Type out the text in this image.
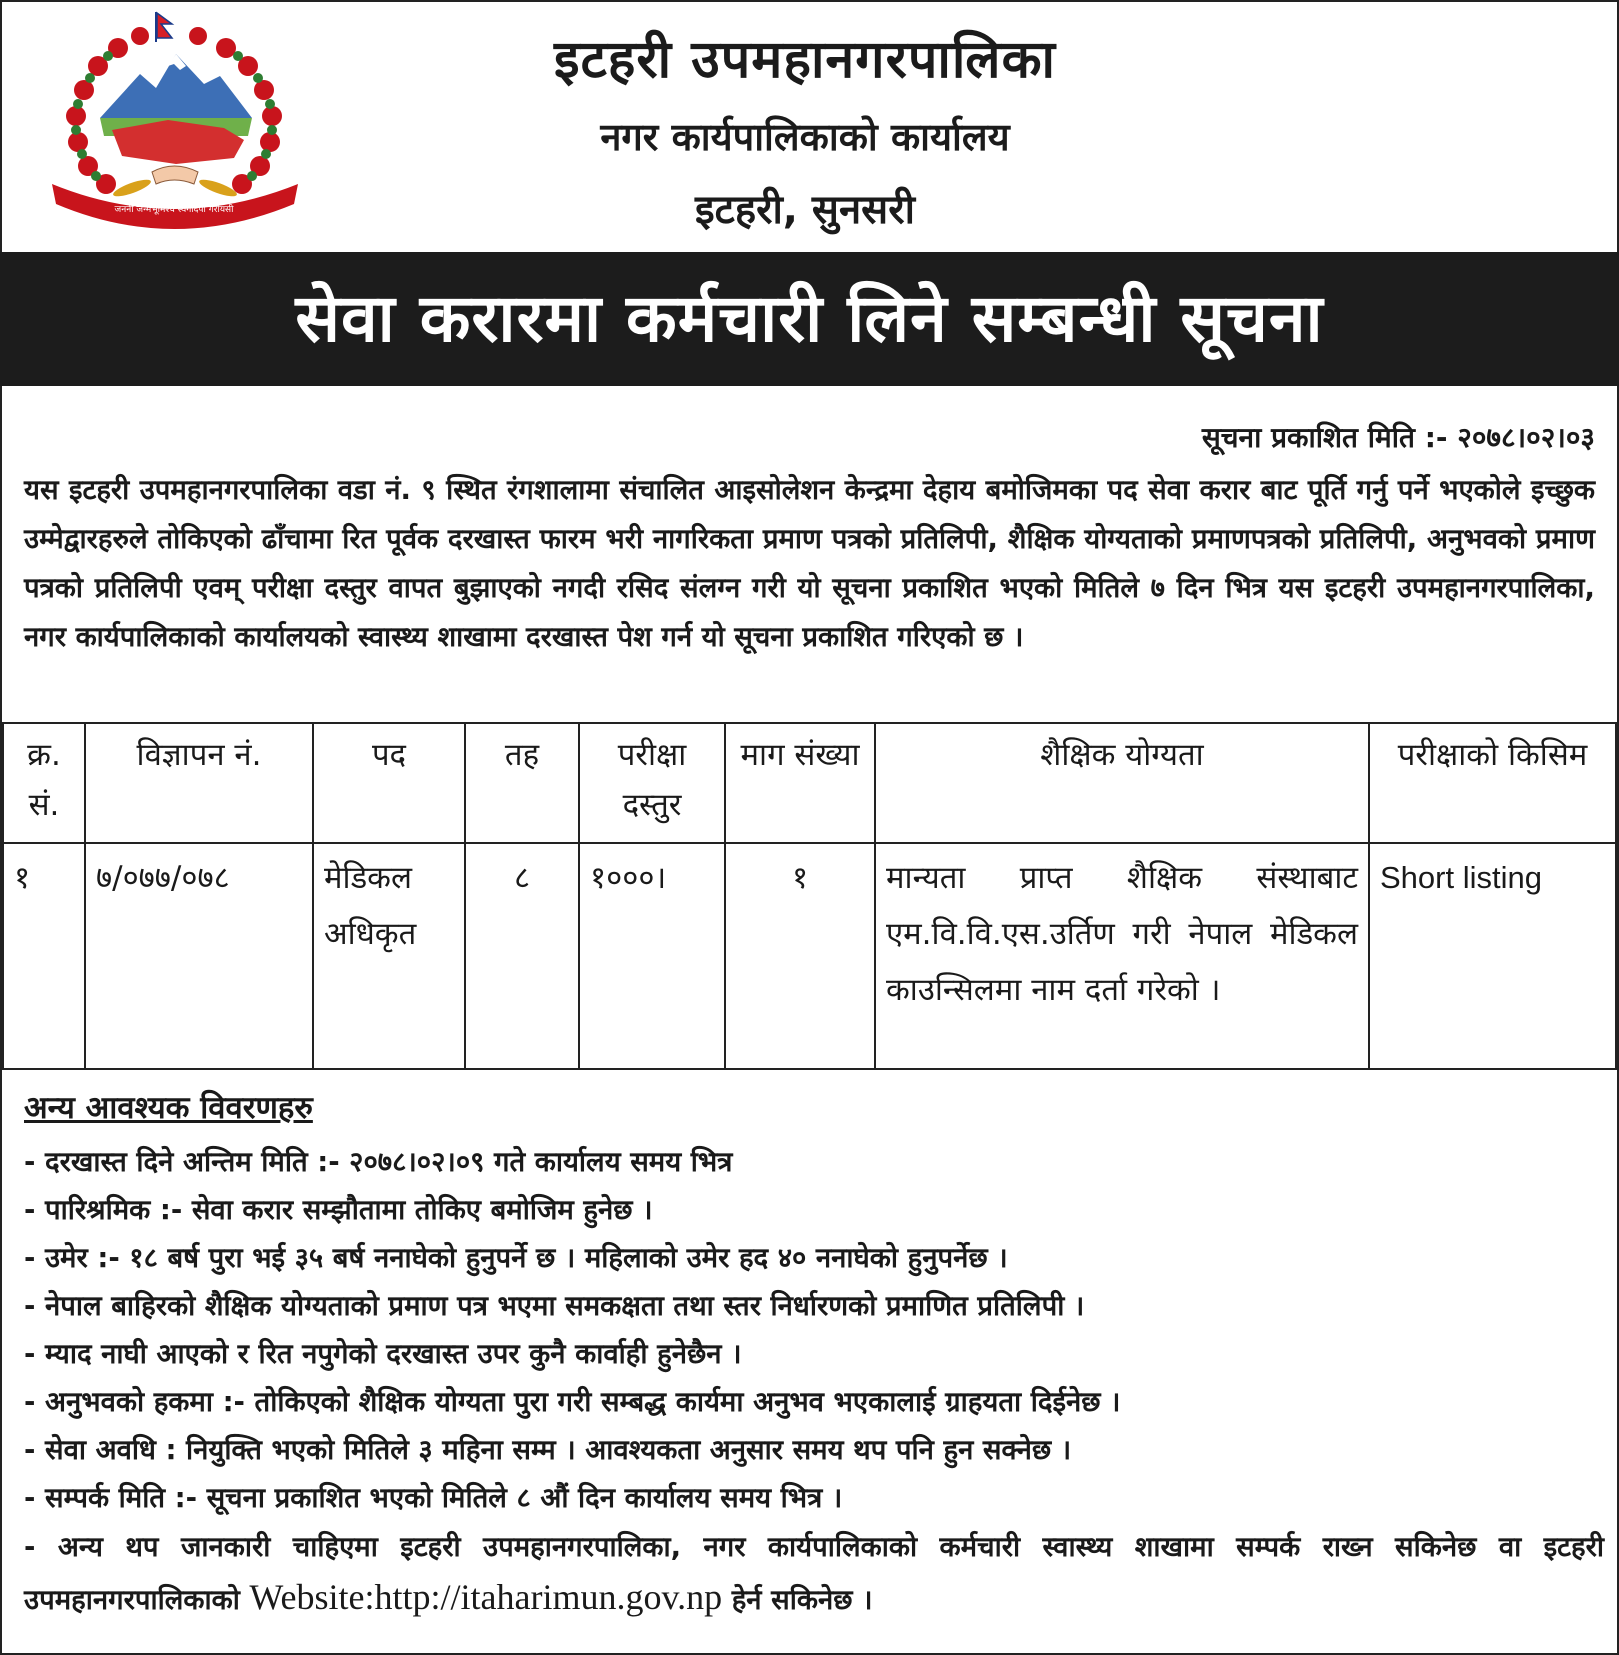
जननी जन्मभूमिश्च स्वर्गादपी गरीयसी
इटहरी उपमहानगरपालिका
नगर कार्यपालिकाको कार्यालय
इटहरी, सुनसरी
सेवा करारमा कर्मचारी लिने सम्बन्धी सूचना
सूचना प्रकाशित मिति :- २०७८।०२।०३
यस इटहरी उपमहानगरपालिका वडा नं. ९ स्थित रंगशालामा संचालित आइसोलेशन केन्द्रमा देहाय बमोजिमका पद सेवा करार बाट पूर्ति गर्नु पर्ने भएकोले इच्छुक उम्मेद्वारहरुले तोकिएको ढाँचामा रित पूर्वक दरखास्त फारम भरी नागरिकता प्रमाण पत्रको प्रतिलिपी, शैक्षिक योग्यताको प्रमाणपत्रको प्रतिलिपी, अनुभवको प्रमाण पत्रको प्रतिलिपी एवम् परीक्षा दस्तुर वापत बुझाएको नगदी रसिद संलग्न गरी यो सूचना प्रकाशित भएको मितिले ७ दिन भित्र यस इटहरी उपमहानगरपालिका, नगर कार्यपालिकाको कार्यालयको स्वास्थ्य शाखामा दरखास्त पेश गर्न यो सूचना प्रकाशित गरिएको छ ।
क्र. सं.	विज्ञापन नं.	पद	तह	परीक्षा दस्तुर	माग संख्या	शैक्षिक योग्यता	परीक्षाको किसिम
१	७/०७७/०७८	मेडिकल अधिकृत	८	१०००।	१	मान्यता प्राप्त शैक्षिक संस्थाबाट एम.वि.वि.एस.उर्तिण गरी नेपाल मेडिकल काउन्सिलमा नाम दर्ता गरेको ।	Short listing
अन्य आवश्यक विवरणहरु
- दरखास्त दिने अन्तिम मिति :- २०७८।०२।०९ गते कार्यालय समय भित्र
- पारिश्रमिक :- सेवा करार सम्झौतामा तोकिए बमोजिम हुनेछ ।
- उमेर :- १८ बर्ष पुरा भई ३५ बर्ष ननाघेको हुनुपर्ने छ । महिलाको उमेर हद ४० ननाघेको हुनुपर्नेछ ।
- नेपाल बाहिरको शैक्षिक योग्यताको प्रमाण पत्र भएमा समकक्षता तथा स्तर निर्धारणको प्रमाणित प्रतिलिपी ।
- म्याद नाघी आएको र रित नपुगेको दरखास्त उपर कुनै कार्वाही हुनेछैन ।
- अनुभवको हकमा :- तोकिएको शैक्षिक योग्यता पुरा गरी सम्बद्ध कार्यमा अनुभव भएकालाई ग्राहयता दिईनेछ ।
- सेवा अवधि : नियुक्ति भएको मितिले ३ महिना सम्म । आवश्यकता अनुसार समय थप पनि हुन सक्नेछ ।
- सम्पर्क मिति :- सूचना प्रकाशित भएको मितिले ८ औं दिन कार्यालय समय भित्र ।
- अन्य थप जानकारी चाहिएमा इटहरी उपमहानगरपालिका, नगर कार्यपालिकाको कर्मचारी स्वास्थ्य शाखामा सम्पर्क राख्न सकिनेछ वा इटहरी उपमहानगरपालिकाको Website:http://itaharimun.gov.np हेर्न सकिनेछ ।
